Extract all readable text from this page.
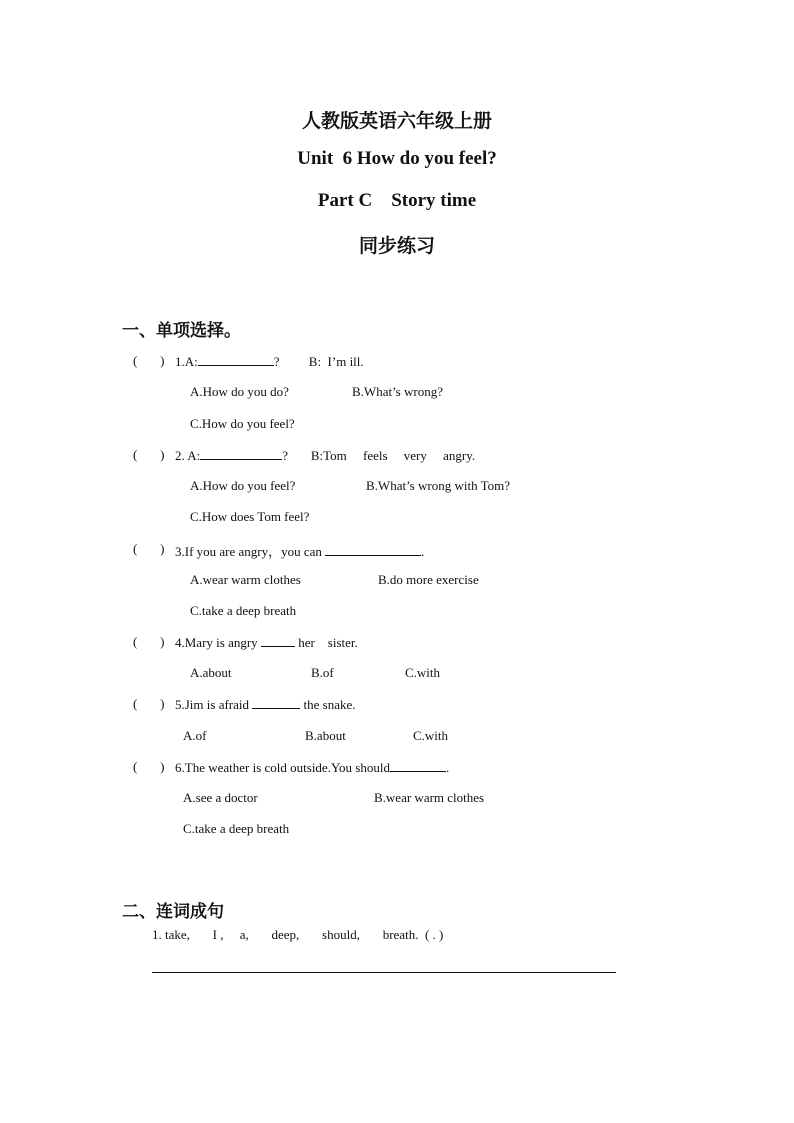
人教版英语六年级上册
Unit  6 How do you feel?
Part C    Story time
同步练习
一、单项选择。
(       ) 1.A:	?         B:  I’m ill.
A.How do you do?	B.What’s wrong?
C.How do you feel?
(       ) 2. A:	?       B:Tom     feels     very     angry.
A.How do you feel?	B.What’s wrong with Tom?
C.How does Tom feel?
(       ) 3.If you are angry，you can	.
A.wear warm clothes	B.do more exercise
C.take a deep breath
(       ) 4.Mary is angry	her    sister.
A.about	B.of	C.with
(       ) 5.Jim is afraid	the snake.
A.of	B.about	C.with
(       ) 6.The weather is cold outside.You should	.
A.see a doctor	B.wear warm clothes
C.take a deep breath
二、连词成句
1. take,       I ,     a,       deep,       should,       breath.  ( . )
